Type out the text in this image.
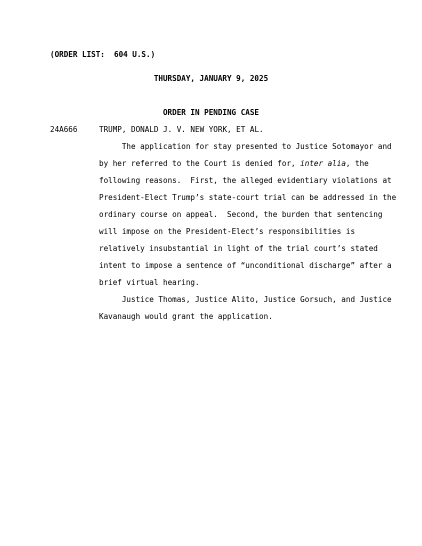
(ORDER LIST:  604 U.S.)
THURSDAY, JANUARY 9, 2025
ORDER IN PENDING CASE
24A666	TRUMP, DONALD J. V. NEW YORK, ET AL.
The application for stay presented to Justice Sotomayor and
by her referred to the Court is denied for, inter alia, the
following reasons.  First, the alleged evidentiary violations at
President-Elect Trump’s state-court trial can be addressed in the
ordinary course on appeal.  Second, the burden that sentencing
will impose on the President-Elect’s responsibilities is
relatively insubstantial in light of the trial court’s stated
intent to impose a sentence of “unconditional discharge” after a
brief virtual hearing.
Justice Thomas, Justice Alito, Justice Gorsuch, and Justice
Kavanaugh would grant the application.
